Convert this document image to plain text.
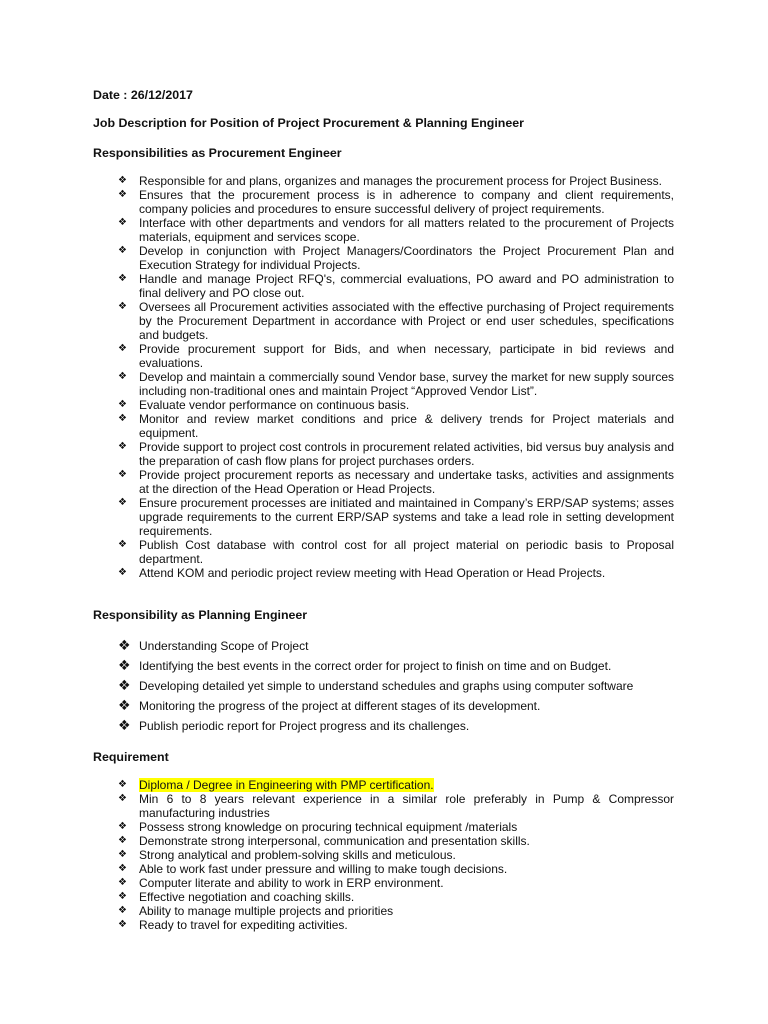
Date : 26/12/2017

Job Description for Position of Project Procurement & Planning Engineer

Responsibilities as Procurement Engineer

❖ Responsible for and plans, organizes and manages the procurement process for Project Business.
❖ Ensures that the procurement process is in adherence to company and client requirements, company policies and procedures to ensure successful delivery of project requirements.
❖ Interface with other departments and vendors for all matters related to the procurement of Projects materials, equipment and services scope.
❖ Develop in conjunction with Project Managers/Coordinators the Project Procurement Plan and Execution Strategy for individual Projects.
❖ Handle and manage Project RFQ's, commercial evaluations, PO award and PO administration to final delivery and PO close out.
❖ Oversees all Procurement activities associated with the effective purchasing of Project requirements by the Procurement Department in accordance with Project or end user schedules, specifications and budgets.
❖ Provide procurement support for Bids, and when necessary, participate in bid reviews and evaluations.
❖ Develop and maintain a commercially sound Vendor base, survey the market for new supply sources including non-traditional ones and maintain Project “Approved Vendor List”.
❖ Evaluate vendor performance on continuous basis.
❖ Monitor and review market conditions and price & delivery trends for Project materials and equipment.
❖ Provide support to project cost controls in procurement related activities, bid versus buy analysis and the preparation of cash flow plans for project purchases orders.
❖ Provide project procurement reports as necessary and undertake tasks, activities and assignments at the direction of the Head Operation or Head Projects.
❖ Ensure procurement processes are initiated and maintained in Company’s ERP/SAP systems; asses upgrade requirements to the current ERP/SAP systems and take a lead role in setting development requirements.
❖ Publish Cost database with control cost for all project material on periodic basis to Proposal department.
❖ Attend KOM and periodic project review meeting with Head Operation or Head Projects.

Responsibility as Planning Engineer

❖ Understanding Scope of Project
❖ Identifying the best events in the correct order for project to finish on time and on Budget.
❖ Developing detailed yet simple to understand schedules and graphs using computer software
❖ Monitoring the progress of the project at different stages of its development.
❖ Publish periodic report for Project progress and its challenges.

Requirement

❖ Diploma / Degree in Engineering with PMP certification.
❖ Min 6 to 8 years relevant experience in a similar role preferably in Pump & Compressor manufacturing industries
❖ Possess strong knowledge on procuring technical equipment /materials
❖ Demonstrate strong interpersonal, communication and presentation skills.
❖ Strong analytical and problem-solving skills and meticulous.
❖ Able to work fast under pressure and willing to make tough decisions.
❖ Computer literate and ability to work in ERP environment.
❖ Effective negotiation and coaching skills.
❖ Ability to manage multiple projects and priorities
❖ Ready to travel for expediting activities.
